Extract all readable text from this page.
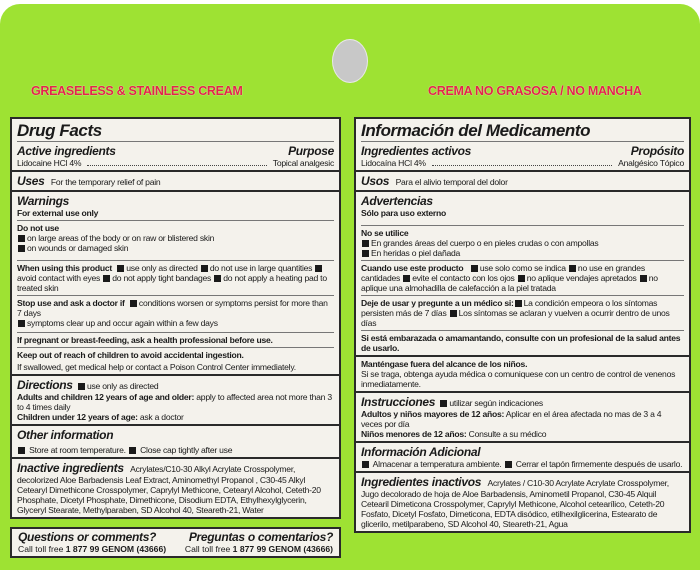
GREASELESS & STAINLESS CREAM	CREMA NO GRASOSA / NO MANCHA
Drug Facts
Active ingredients	Purpose
Lidocaine HCl 4%	Topical analgesic
Uses For the temporary relief of pain
Warnings
For external use only
Do not use
on large areas of the body or on raw or blistered skin
on wounds or damaged skin
When using this product use only as directed do not use in large quantities avoid contact with eyes do not apply tight bandages do not apply a heating pad to treated skin
Stop use and ask a doctor if conditions worsen or symptoms persist for more than 7 days
symptoms clear up and occur again within a few days
If pregnant or breast-feeding, ask a health professional before use.
Keep out of reach of children to avoid accidental ingestion.
If swallowed, get medical help or contact a Poison Control Center immediately.
Directions use only as directed
Adults and children 12 years of age and older: apply to affected area not more than 3 to 4 times daily
Children under 12 years of age: ask a doctor
Other information
Store at room temperature. Close cap tightly after use
Inactive ingredients Acrylates/C10-30 Alkyl Acrylate Crosspolymer, decolorized Aloe Barbadensis Leaf Extract, Aminomethyl Propanol , C30-45 Alkyl Cetearyl Dimethicone Crosspolymer, Caprylyl Methicone, Cetearyl Alcohol, Ceteth-20 Phosphate, Dicetyl Phosphate, Dimethicone, Disodium EDTA, Ethylhexylglycerin, Glyceryl Stearate, Methylparaben, SD Alcohol 40, Steareth-21, Water
Questions or comments?	Preguntas o comentarios?
Call toll free 1 877 99 GENOM (43666) Call toll free 1 877 99 GENOM (43666)
Información del Medicamento
Ingredientes activos	Propósito
Lidocaína HCl 4%	Analgésico Tópico
Usos Para el alivio temporal del dolor
Advertencias
Sólo para uso externo
No se utilice
En grandes áreas del cuerpo o en pieles crudas o con ampollas
En heridas o piel dañada
Cuando use este producto use solo como se indica no use en grandes cantidades evite el contacto con los ojos no aplique vendajes apretados no aplique una almohadilla de calefacción a la piel tratada
Deje de usar y pregunte a un médico si: La condición empeora o los síntomas persisten más de 7 días Los síntomas se aclaran y vuelven a ocurrir dentro de unos días
Si está embarazada o amamantando, consulte con un profesional de la salud antes de usarlo.
Manténgase fuera del alcance de los niños.
Si se traga, obtenga ayuda médica o comuniquese con un centro de control de venenos inmediatamente.
Instrucciones utilizar según indicaciones
Adultos y niños mayores de 12 años: Aplicar en el área afectada no mas de 3 a 4 veces por día
Niños menores de 12 años: Consulte a su médico
Información Adicional
Almacenar a temperatura ambiente. Cerrar el tapón firmemente después de usarlo.
Ingredientes inactivos Acrylates / C10-30 Acrylate Acrylate Crosspolymer, Jugo decolorado de hoja de Aloe Barbadensis, Aminometil Propanol, C30-45 Alquil Cetearil Dimeticona Crosspolymer, Caprylyl Methicone, Alcohol cetearílico, Ceteth-20 Fosfato, Dicetyl Fosfato, Dimeticona, EDTA disódico, etilhexilglicerina, Estearato de glicerilo, metilparabeno, SD Alcohol 40, Steareth-21, Agua
